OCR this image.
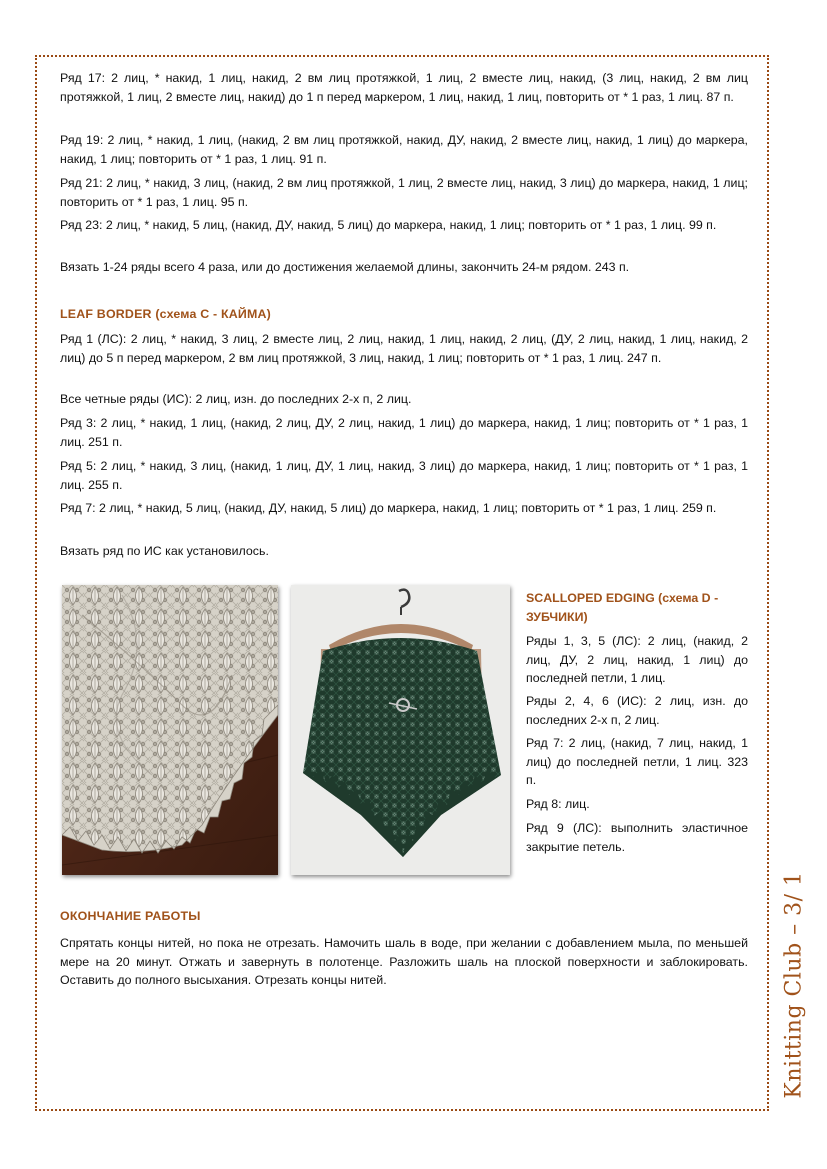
Ряд 17: 2 лиц, * накид, 1 лиц, накид, 2 вм лиц протяжкой, 1 лиц, 2 вместе лиц, накид, (3 лиц, накид, 2 вм лиц протяжкой, 1 лиц, 2 вместе лиц, накид) до 1 п перед маркером, 1 лиц, накид, 1 лиц, повторить от * 1 раз, 1 лиц. 87 п.

Ряд 19: 2 лиц, * накид, 1 лиц, (накид, 2 вм лиц протяжкой, накид, ДУ, накид, 2 вместе лиц, накид, 1 лиц) до маркера, накид, 1 лиц; повторить от * 1 раз, 1 лиц. 91 п.

Ряд 21: 2 лиц, * накид, 3 лиц, (накид, 2 вм лиц протяжкой, 1 лиц, 2 вместе лиц, накид, 3 лиц) до маркера, накид, 1 лиц; повторить от * 1 раз, 1 лиц. 95 п.

Ряд 23: 2 лиц, * накид, 5 лиц, (накид, ДУ, накид, 5 лиц) до маркера, накид, 1 лиц; повторить от * 1 раз, 1 лиц. 99 п.

Вязать 1-24 ряды всего 4 раза, или до достижения желаемой длины, закончить 24-м рядом. 243 п.

LEAF BORDER (схема С - КАЙМА)

Ряд 1 (ЛС): 2 лиц, * накид, 3 лиц, 2 вместе лиц, 2 лиц, накид, 1 лиц, накид, 2 лиц, (ДУ, 2 лиц, накид, 1 лиц, накид, 2 лиц) до 5 п перед маркером, 2 вм лиц протяжкой, 3 лиц, накид, 1 лиц; повторить от * 1 раз, 1 лиц. 247 п.

Все четные ряды (ИС): 2 лиц, изн. до последних 2-х п, 2 лиц.

Ряд 3: 2 лиц, * накид, 1 лиц, (накид, 2 лиц, ДУ, 2 лиц, накид, 1 лиц) до маркера, накид, 1 лиц; повторить от * 1 раз, 1 лиц. 251 п.

Ряд 5: 2 лиц, * накид, 3 лиц, (накид, 1 лиц, ДУ, 1 лиц, накид, 3 лиц) до маркера, накид, 1 лиц; повторить от * 1 раз, 1 лиц. 255 п.

Ряд 7: 2 лиц, * накид, 5 лиц, (накид, ДУ, накид, 5 лиц) до маркера, накид, 1 лиц; повторить от * 1 раз, 1 лиц. 259 п.

Вязать ряд по ИС как установилось.

SCALLOPED EDGING (схема D - ЗУБЧИКИ)

Ряды 1, 3, 5 (ЛС): 2 лиц, (накид, 2 лиц, ДУ, 2 лиц, накид, 1 лиц) до последней петли, 1 лиц.

Ряды 2, 4, 6 (ИС): 2 лиц, изн. до последних 2-х п, 2 лиц.

Ряд 7: 2 лиц, (накид, 7 лиц, накид, 1 лиц) до последней петли, 1 лиц. 323 п.

Ряд 8: лиц.

Ряд 9 (ЛС): выполнить эластичное закрытие петель.

ОКОНЧАНИЕ РАБОТЫ

Спрятать концы нитей, но пока не отрезать. Намочить шаль в воде, при желании с добавлением мыла, по меньшей мере на 20 минут. Отжать и завернуть в полотенце. Разложить шаль на плоской поверхности и заблокировать. Оставить до полного высыхания. Отрезать концы нитей.	Knitting Club – 3/ 1
